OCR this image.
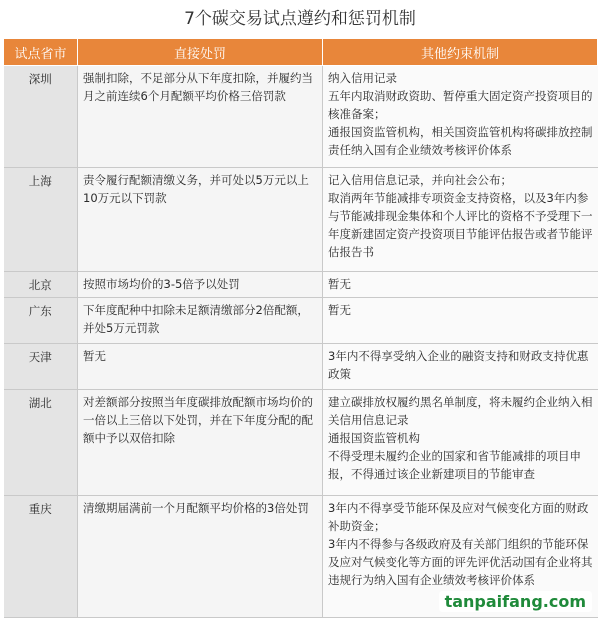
7个碳交易试点遵约和惩罚机制
试点省市	直接处罚	其他约束机制
深圳	强制扣除，不足部分从下年度扣除，并履约当月之前连续6个月配额平均价格三倍罚款	纳入信用记录
五年内取消财政资助、暂停重大固定资产投资项目的核准备案；
通报国资监管机构，相关国资监管机构将碳排放控制责任纳入国有企业绩效考核评价体系

上海	责令履行配额清缴义务，并可处以5万元以上10万元以下罚款	记入信用信息记录，并向社会公布；
取消两年节能减排专项资金支持资格，以及3年内参与节能减排现金集体和个人评比的资格不予受理下一年度新建固定资产投资项目节能评估报告或者节能评估报告书

北京	按照市场均价的3-5倍予以处罚	暂无

广东	下年度配种中扣除未足额清缴部分2倍配额，并处5万元罚款	暂无

天津	暂无	3年内不得享受纳入企业的融资支持和财政支持优惠政策

湖北	对差额部分按照当年度碳排放配额市场均价的一倍以上三倍以下处罚，并在下年度分配的配额中予以双倍扣除	建立碳排放权履约黑名单制度，将未履约企业纳入相关信用信息记录
通报国资监管机构
不得受理未履约企业的国家和省节能减排的项目申报，不得通过该企业新建项目的节能审查

重庆	清缴期届满前一个月配额平均价格的3倍处罚	3年内不得享受节能环保及应对气候变化方面的财政补助资金；
3年内不得参与各级政府及有关部门组织的节能环保及应对气候变化等方面的评先评优活动国有企业将其违规行为纳入国有企业绩效考核评价体系
tanpaifang.com
